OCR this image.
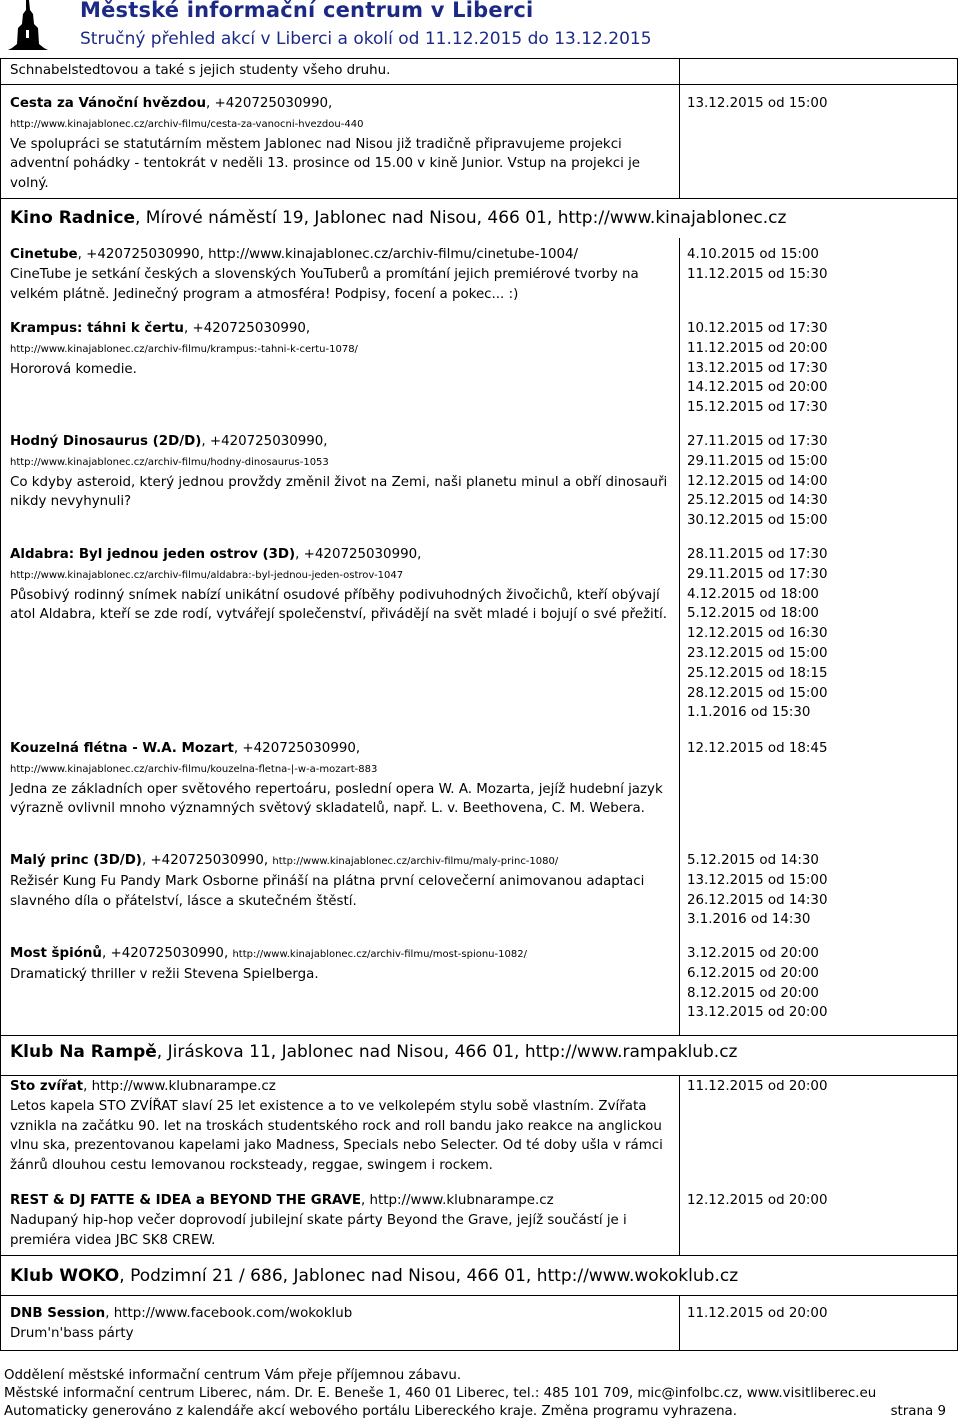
Městské informační centrum v Liberci
Stručný přehled akcí v Liberci a okolí od 11.12.2015 do 13.12.2015
Schnabelstedtovou a také s jejich studenty všeho druhu.
Cesta za Vánoční hvězdou, +420725030990,
http://www.kinajablonec.cz/archiv-filmu/cesta-za-vanocni-hvezdou-440
Ve spolupráci se statutárním městem Jablonec nad Nisou již tradičně připravujeme projekci adventní pohádky - tentokrát v neděli 13. prosince od 15.00 v kině Junior. Vstup na projekci je volný.
13.12.2015 od 15:00
Kino Radnice, Mírové náměstí 19, Jablonec nad Nisou, 466 01, http://www.kinajablonec.cz
Cinetube, +420725030990, http://www.kinajablonec.cz/archiv-filmu/cinetube-1004/
CineTube je setkání českých a slovenských YouTuberů a promítání jejich premiérové tvorby na velkém plátně. Jedinečný program a atmosféra! Podpisy, focení a pokec... :)
4.10.2015 od 15:00
11.12.2015 od 15:30
Krampus: táhni k čertu, +420725030990,
http://www.kinajablonec.cz/archiv-filmu/krampus:-tahni-k-certu-1078/
Hororová komedie.
10.12.2015 od 17:30
11.12.2015 od 20:00
13.12.2015 od 17:30
14.12.2015 od 20:00
15.12.2015 od 17:30
Hodný Dinosaurus (2D/D), +420725030990,
http://www.kinajablonec.cz/archiv-filmu/hodny-dinosaurus-1053
Co kdyby asteroid, který jednou provždy změnil život na Zemi, naši planetu minul a obří dinosauři nikdy nevyhynuli?
27.11.2015 od 17:30
29.11.2015 od 15:00
12.12.2015 od 14:00
25.12.2015 od 14:30
30.12.2015 od 15:00
Aldabra: Byl jednou jeden ostrov (3D), +420725030990,
http://www.kinajablonec.cz/archiv-filmu/aldabra:-byl-jednou-jeden-ostrov-1047
Působivý rodinný snímek nabízí unikátní osudové příběhy podivuhodných živočichů, kteří obývají atol Aldabra, kteří se zde rodí, vytvářejí společenství, přivádějí na svět mladé i bojují o své přežití.
28.11.2015 od 17:30
29.11.2015 od 17:30
4.12.2015 od 18:00
5.12.2015 od 18:00
12.12.2015 od 16:30
23.12.2015 od 15:00
25.12.2015 od 18:15
28.12.2015 od 15:00
1.1.2016 od 15:30
Kouzelná flétna - W.A. Mozart, +420725030990,
http://www.kinajablonec.cz/archiv-filmu/kouzelna-fletna-|-w-a-mozart-883
Jedna ze základních oper světového repertoáru, poslední opera W. A. Mozarta, jejíž hudební jazyk výrazně ovlivnil mnoho významných světový skladatelů, např. L. v. Beethovena, C. M. Webera.
12.12.2015 od 18:45
Malý princ (3D/D), +420725030990, http://www.kinajablonec.cz/archiv-filmu/maly-princ-1080/
Režisér Kung Fu Pandy Mark Osborne přináší na plátna první celovečerní animovanou adaptaci slavného díla o přátelství, lásce a skutečném štěstí.
5.12.2015 od 14:30
13.12.2015 od 15:00
26.12.2015 od 14:30
3.1.2016 od 14:30
Most špiónů, +420725030990, http://www.kinajablonec.cz/archiv-filmu/most-spionu-1082/
Dramatický thriller v režii Stevena Spielberga.
3.12.2015 od 20:00
6.12.2015 od 20:00
8.12.2015 od 20:00
13.12.2015 od 20:00
Klub Na Rampě, Jiráskova 11, Jablonec nad Nisou, 466 01, http://www.rampaklub.cz
Sto zvířat, http://www.klubnarampe.cz
Letos kapela STO ZVÍŘAT slaví 25 let existence a to ve velkolepém stylu sobě vlastním. Zvířata vznikla na začátku 90. let na troskách studentského rock and roll bandu jako reakce na anglickou vlnu ska, prezentovanou kapelami jako Madness, Specials nebo Selecter. Od té doby ušla v rámci žánrů dlouhou cestu lemovanou rocksteady, reggae, swingem i rockem.
11.12.2015 od 20:00
REST & DJ FATTE & IDEA a BEYOND THE GRAVE, http://www.klubnarampe.cz
Nadupaný hip-hop večer doprovodí jubilejní skate párty Beyond the Grave, jejíž součástí je i premiéra videa JBC SK8 CREW.
12.12.2015 od 20:00
Klub WOKO, Podzimní 21 / 686, Jablonec nad Nisou, 466 01, http://www.wokoklub.cz
DNB Session, http://www.facebook.com/wokoklub
Drum'n'bass párty
11.12.2015 od 20:00
Oddělení městské informační centrum Vám přeje příjemnou zábavu.
Městské informační centrum Liberec, nám. Dr. E. Beneše 1, 460 01 Liberec, tel.: 485 101 709, mic@infolbc.cz, www.visitliberec.eu
Automaticky generováno z kalendáře akcí webového portálu Libereckého kraje. Změna programu vyhrazena.	strana 9
